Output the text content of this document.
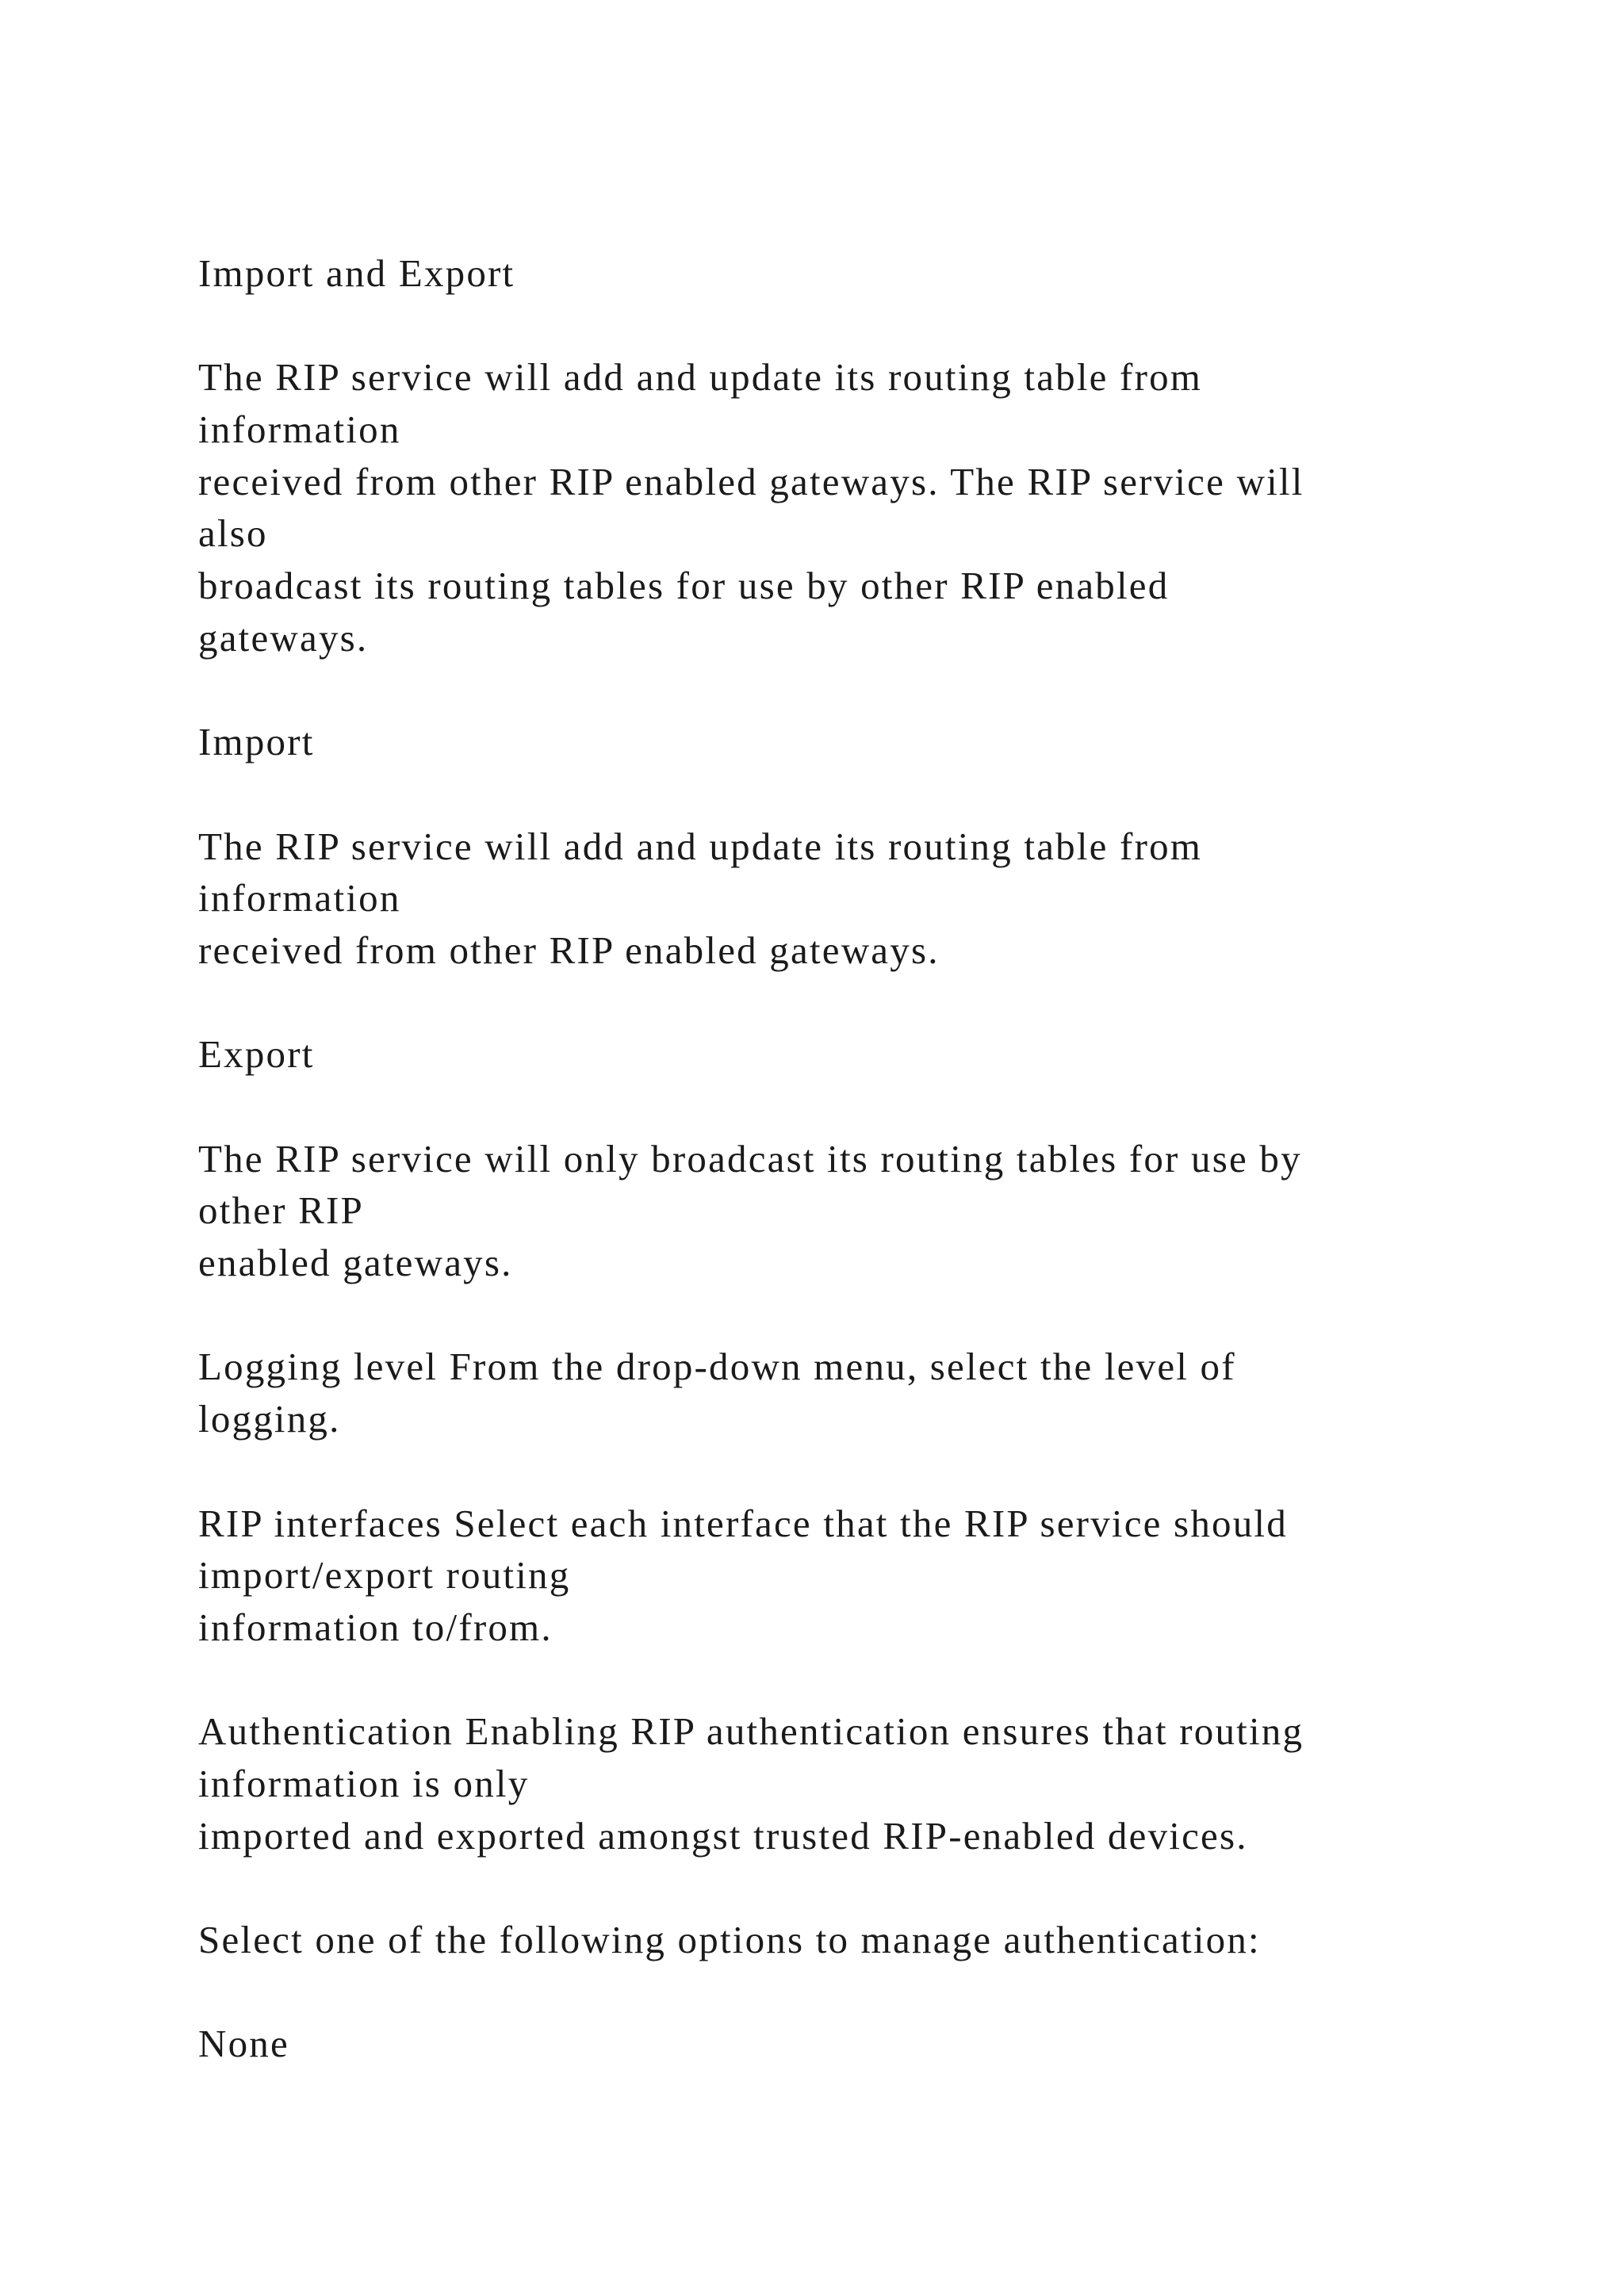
Import and Export
The RIP service will add and update its routing table from
information
received from other RIP enabled gateways. The RIP service will
also
broadcast its routing tables for use by other RIP enabled
gateways.
Import
The RIP service will add and update its routing table from
information
received from other RIP enabled gateways.
Export
The RIP service will only broadcast its routing tables for use by
other RIP
enabled gateways.
Logging level From the drop-down menu, select the level of
logging.
RIP interfaces Select each interface that the RIP service should
import/export routing
information to/from.
Authentication Enabling RIP authentication ensures that routing
information is only
imported and exported amongst trusted RIP-enabled devices.
Select one of the following options to manage authentication:
None
